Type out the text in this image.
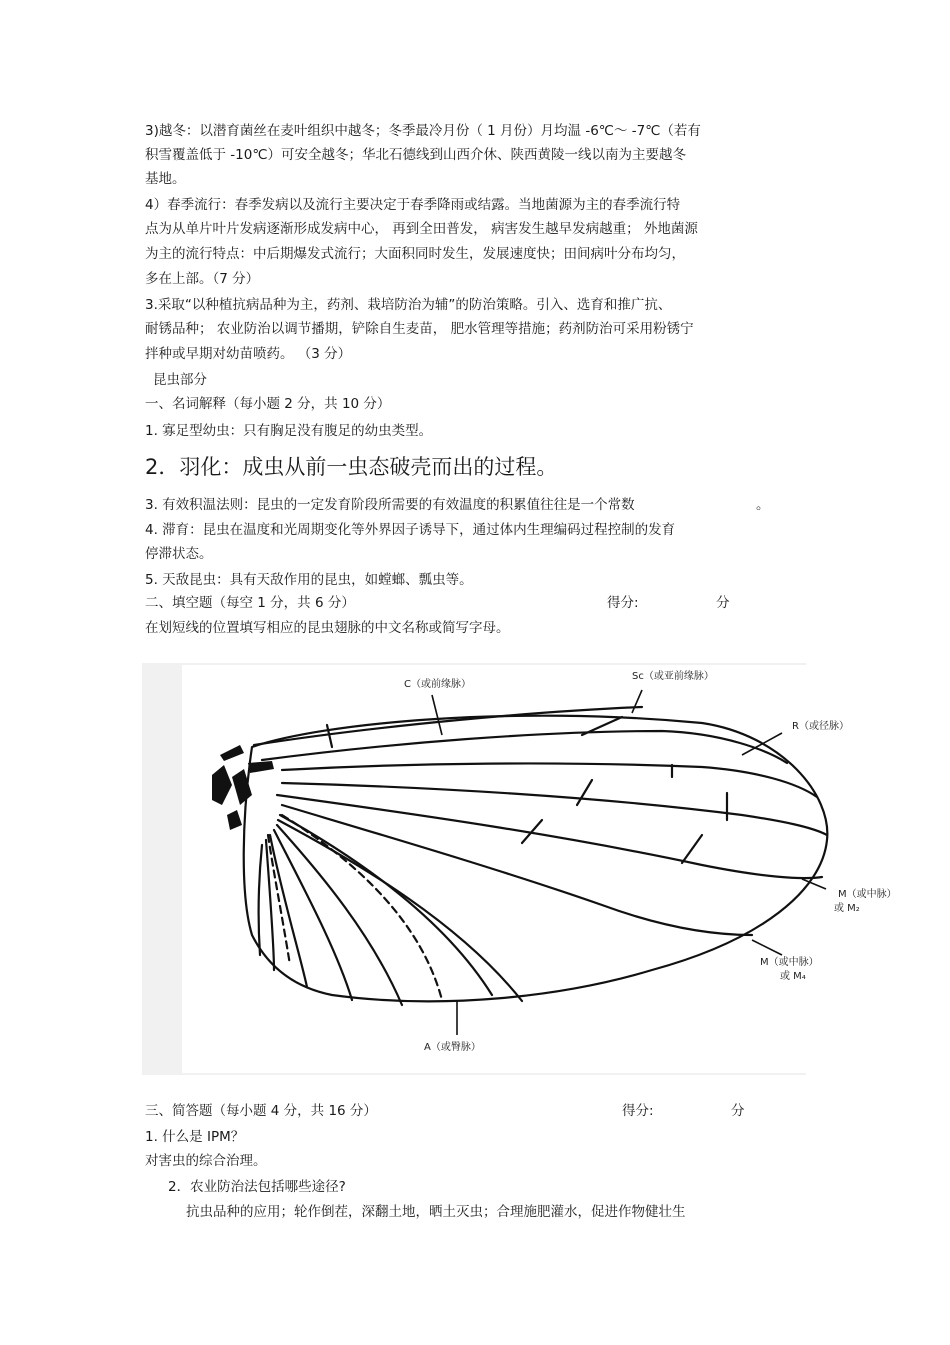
3)越冬：以潜育菌丝在麦叶组织中越冬；冬季最冷月份（ 1 月份）月均温 -6℃～ -7℃（若有
积雪覆盖低于 -10℃）可安全越冬；华北石德线到山西介休、陕西黄陵一线以南为主要越冬
基地。
4）春季流行：春季发病以及流行主要决定于春季降雨或结露。当地菌源为主的春季流行特
点为从单片叶片发病逐渐形成发病中心， 再到全田普发， 病害发生越早发病越重； 外地菌源
为主的流行特点：中后期爆发式流行；大面积同时发生，发展速度快；田间病叶分布均匀，
多在上部。（7 分）
3.采取“以种植抗病品种为主，药剂、栽培防治为辅”的防治策略。引入、选育和推广抗、
耐锈品种； 农业防治以调节播期，铲除自生麦苗， 肥水管理等措施；药剂防治可采用粉锈宁
拌种或早期对幼苗喷药。 （3 分）
昆虫部分
一、名词解释（每小题 2 分，共 10 分）
1. 寡足型幼虫：只有胸足没有腹足的幼虫类型。
2．羽化：成虫从前一虫态破壳而出的过程。
3. 有效积温法则：昆虫的一定发育阶段所需要的有效温度的积累值往往是一个常数	。
4. 滞育：昆虫在温度和光周期变化等外界因子诱导下，通过体内生理编码过程控制的发育
停滞状态。
5. 天敌昆虫：具有天敌作用的昆虫，如螳螂、瓢虫等。
二、填空题（每空 1 分，共 6 分）	得分:	分
在划短线的位置填写相应的昆虫翅脉的中文名称或简写字母。
C（或前缘脉）
Sc（或亚前缘脉）
R（或径脉）
M（或中脉）
或 M₂
M（或中脉）
或 M₄
A（或臀脉）
三、简答题（每小题 4 分，共 16 分）	得分:	分
1. 什么是 IPM？
对害虫的综合治理。
2．农业防治法包括哪些途径?
抗虫品种的应用；轮作倒茬，深翻土地，晒土灭虫；合理施肥灌水，促进作物健壮生
